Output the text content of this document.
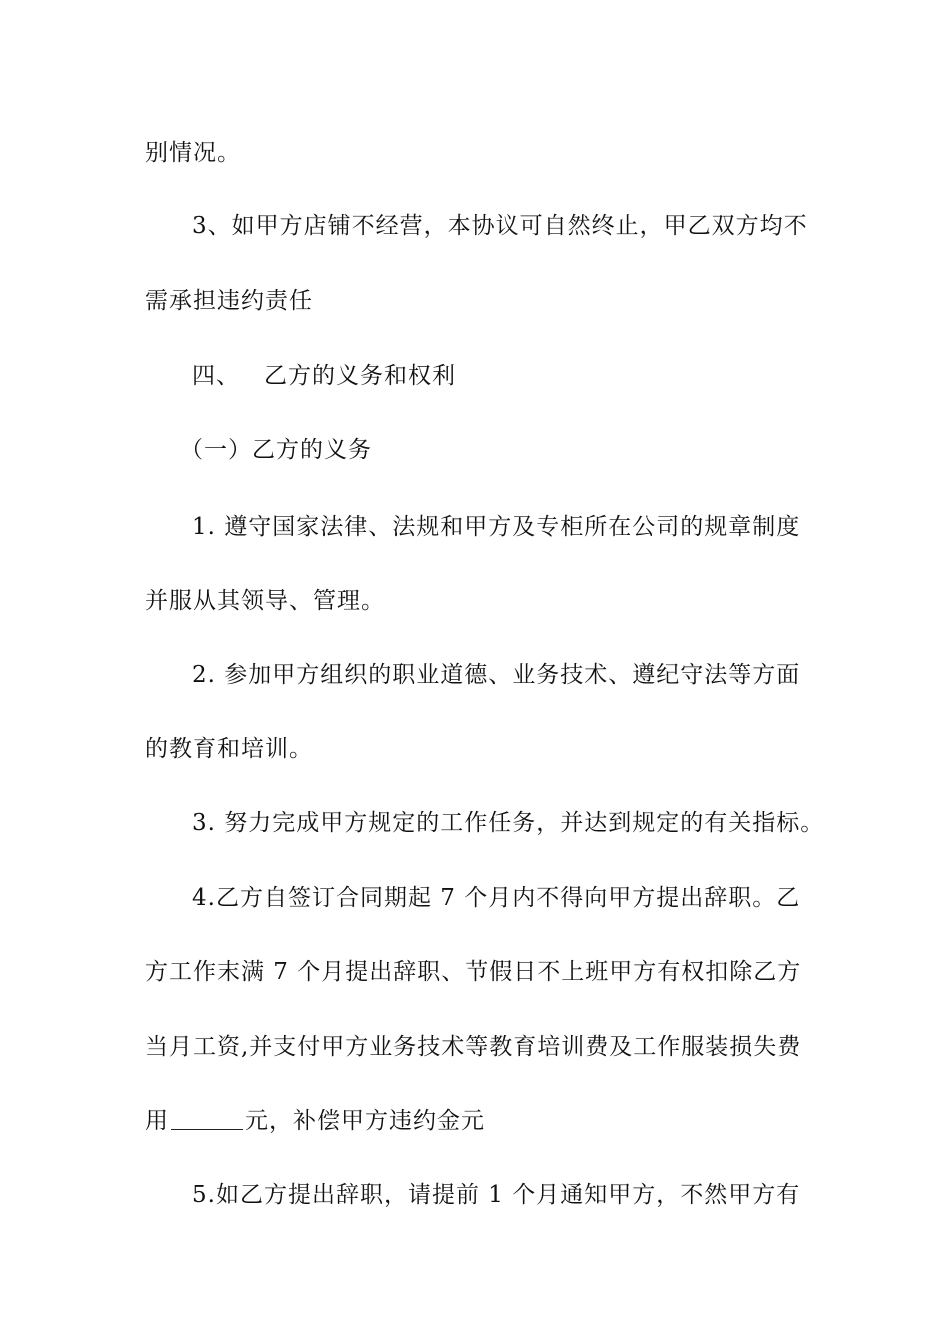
别情况。
3、如甲方店铺不经营，本协议可自然终止，甲乙双方均不
需承担违约责任
四、 乙方的义务和权利
（一）乙方的义务
1. 遵守国家法律、法规和甲方及专柜所在公司的规章制度
并服从其领导、管理。
2. 参加甲方组织的职业道德、业务技术、遵纪守法等方面
的教育和培训。
3. 努力完成甲方规定的工作任务，并达到规定的有关指标。
4.乙方自签订合同期起 7 个月内不得向甲方提出辞职。乙
方工作末满 7 个月提出辞职、节假日不上班甲方有权扣除乙方
当月工资,并支付甲方业务技术等教育培训费及工作服装损失费
用	元，补偿甲方违约金元
5.如乙方提出辞职，请提前 1 个月通知甲方，不然甲方有
